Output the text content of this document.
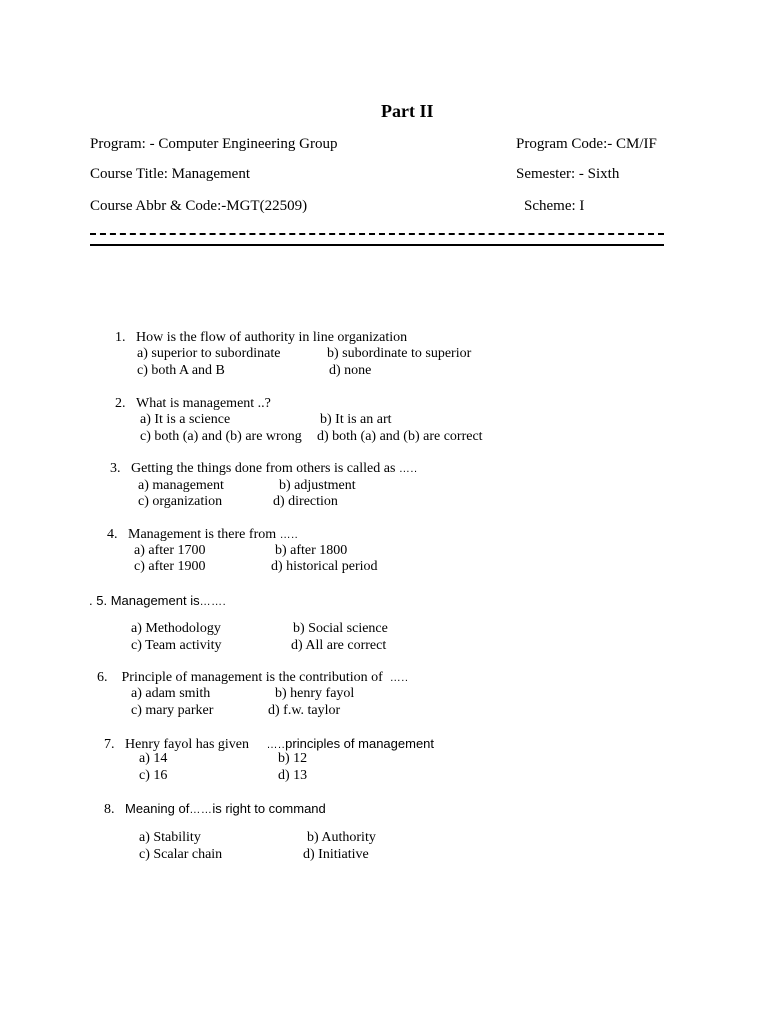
Part II
Program: - Computer Engineering Group	Program Code:- CM/IF
Course Title: Management	Semester: - Sixth
Course Abbr & Code:-MGT(22509)	Scheme: I
1. How is the flow of authority in line organization
a) superior to subordinate	b) subordinate to superior
c) both A and B	d) none
2. What is management ..?
a) It is a science	b) It is an art
c) both (a) and (b) are wrong d) both (a) and (b) are correct
3. Getting the things done from others is called as …..
a) management	b) adjustment
c) organization	d) direction
4. Management is there from …..
a) after 1700	b) after 1800
c) after 1900	d) historical period
. 5. Management is…….
a) Methodology	b) Social science
c) Team activity	d) All are correct
6. Principle of management is the contribution of …..
a) adam smith	b) henry fayol
c) mary parker	d) f.w. taylor
7. Henry fayol has given …..principles of management
a) 14	b) 12
c) 16	d) 13
8. Meaning of……is right to command
a) Stability	b) Authority
c) Scalar chain	d) Initiative
